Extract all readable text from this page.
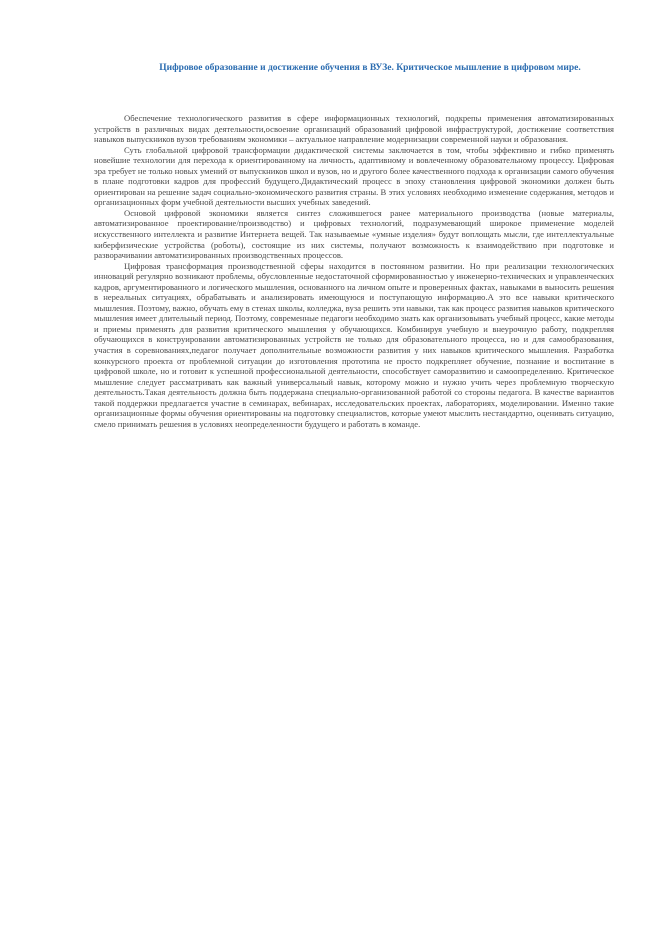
Цифровое образование и достижение обучения в ВУЗе. Критическое мышление в цифровом мире.

Обеспечение технологического развития в сфере информационных технологий, подкрепы применения автоматизированных устройств в различных видах деятельности,освоение организаций образований цифровой инфраструктурой, достижение соответствия навыков выпускников вузов требованиям экономики – актуальное направление модернизации современной науки и образования.

Суть глобальной цифровой трансформации дидактической системы заключается в том, чтобы эффективно и гибко применять новейшие технологии для перехода к ориентированному на личность, адаптивному и вовлеченному образовательному процессу. Цифровая эра требует не только новых умений от выпускников школ и вузов, но и другого более качественного подхода к организации самого обучения в плане подготовки кадров для профессий будущего.Дидактический процесс в эпоху становления цифровой экономики должен быть ориентирован на решение задач социально-экономического развития страны. В этих условиях необходимо изменение содержания, методов и организационных форм учебной деятельности высших учебных заведений.

Основой цифровой экономики является синтез сложившегося ранее материального производства (новые материалы, автоматизированное проектирование/производство) и цифровых технологий, подразумевающий широкое применение моделей искусственного интеллекта и развитие Интернета вещей. Так называемые «умные изделия» будут воплощать мысли, где интеллектуальные киберфизические устройства (роботы), состоящие из них системы, получают возможность к взаимодействию при подготовке и разворачивании автоматизированных производственных процессов.

Цифровая трансформация производственной сферы находится в постоянном развитии. Но при реализации технологических инноваций регулярно возникают проблемы, обусловленные недостаточной сформированностью у инженерно-технических и управленческих кадров, аргументированного и логического мышления, основанного на личном опыте и проверенных фактах, навыками в выносить решения в нереальных ситуациях, обрабатывать и анализировать имеющуюся и поступающую информацию.А это все навыки критического мышления. Поэтому, важно, обучать ему в стенах школы, колледжа, вуза решить эти навыки, так как процесс развития навыков критического мышления имеет длительный период. Поэтому, современные педагоги необходимо знать как организовывать учебный процесс, какие методы и приемы применять для развития критического мышления у обучающихся. Комбинируя учебную и внеурочную работу, подкрепляя обучающихся в конструировании автоматизированных устройств не только для образовательного процесса, но и для самообразования, участия в соревнованиях,педагог получает дополнительные возможности развития у них навыков критического мышления. Разработка конкурсного проекта от проблемной ситуации до изготовления прототипа не просто подкрепляет обучение, познание и воспитание в цифровой школе, но и готовит к успешной профессиональной деятельности, способствует саморазвитию и самоопределению. Критическое мышление следует рассматривать как важный универсальный навык, которому можно и нужно учить через проблемную творческую деятельность.Такая деятельность должна быть поддержана специально-организованной работой со стороны педагога. В качестве вариантов такой поддержки предлагается участие в семинарах, вебинарах, исследовательских проектах, лабораториях, моделировании. Именно такие организационные формы обучения ориентированы на подготовку специалистов, которые умеют мыслить нестандартно, оценивать ситуацию, смело принимать решения в условиях неопределенности будущего и работать в команде.
